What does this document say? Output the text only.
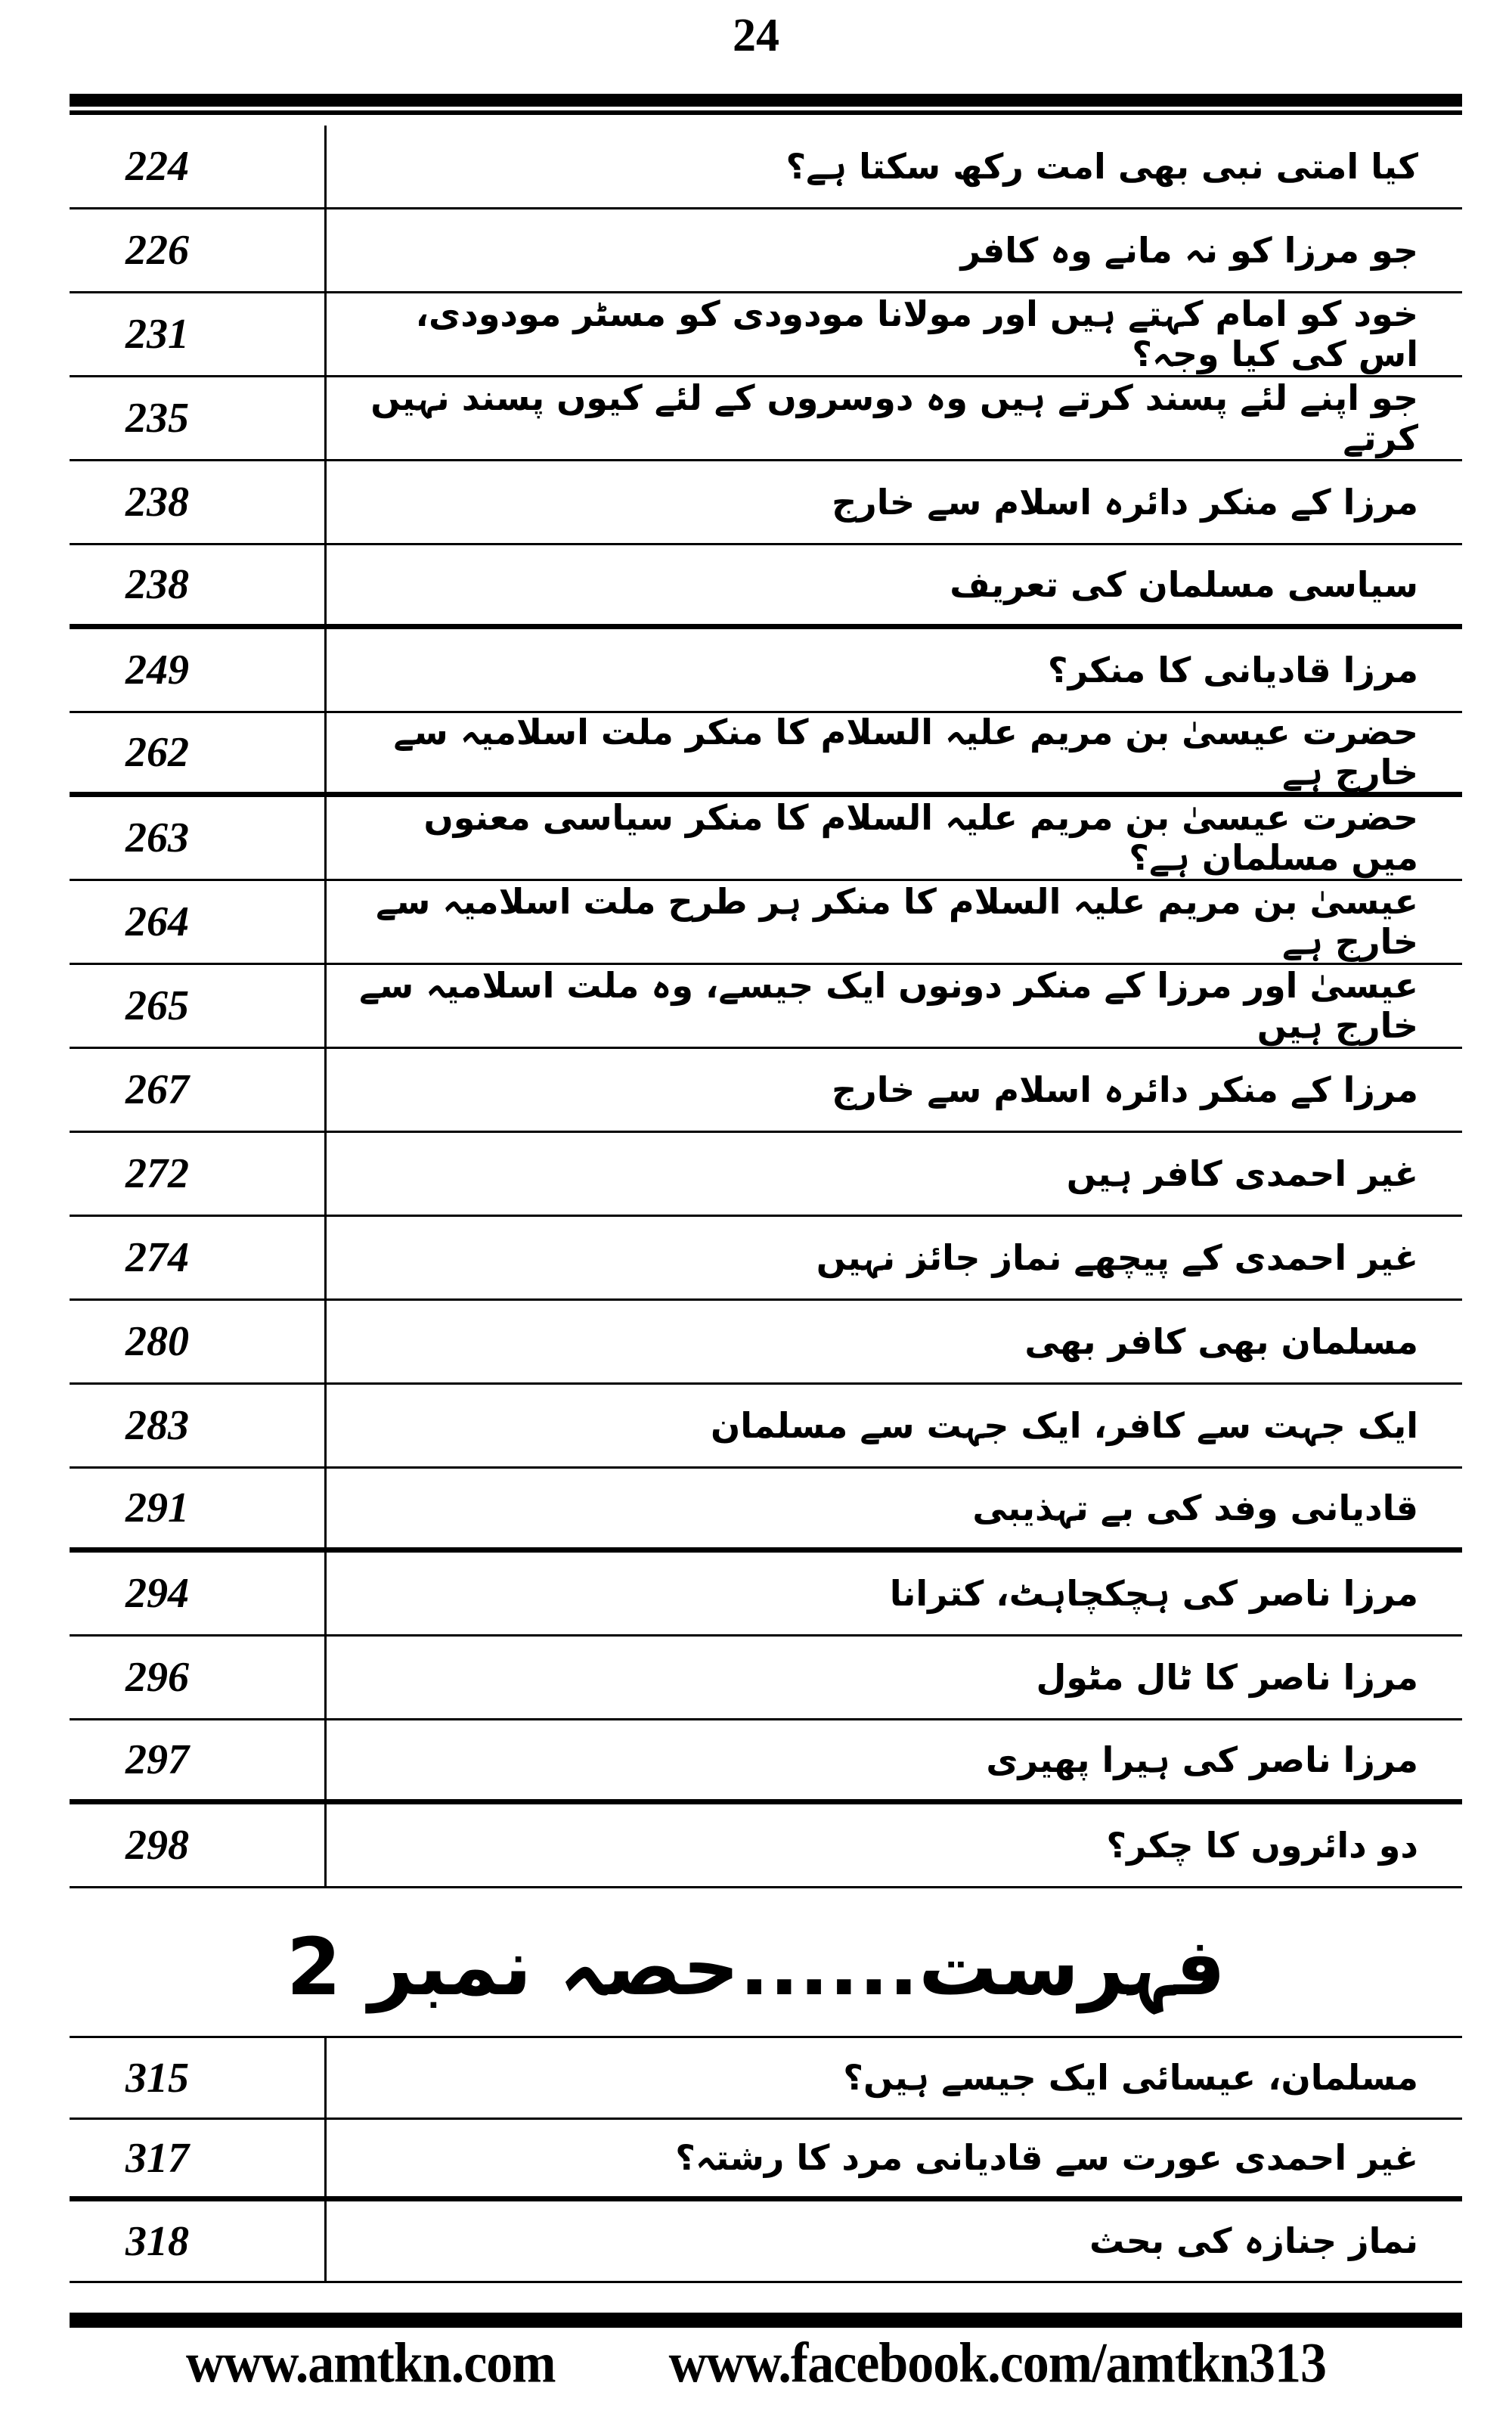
24
224	کیا امتی نبی بھی امت رکھ سکتا ہے؟
226	جو مرزا کو نہ مانے وہ کافر
231	خود کو امام کہتے ہیں اور مولانا مودودی کو مسٹر مودودی، اس کی کیا وجہ؟
235	جو اپنے لئے پسند کرتے ہیں وہ دوسروں کے لئے کیوں پسند نہیں کرتے
238	مرزا کے منکر دائرہ اسلام سے خارج
238	سیاسی مسلمان کی تعریف
249	مرزا قادیانی کا منکر؟
262	حضرت عیسیٰ بن مریم علیہ السلام کا منکر ملت اسلامیہ سے خارج ہے
263	حضرت عیسیٰ بن مریم علیہ السلام کا منکر سیاسی معنوں میں مسلمان ہے؟
264	عیسیٰ بن مریم علیہ السلام کا منکر ہر طرح ملت اسلامیہ سے خارج ہے
265	عیسیٰ اور مرزا کے منکر دونوں ایک جیسے، وہ ملت اسلامیہ سے خارج ہیں
267	مرزا کے منکر دائرہ اسلام سے خارج
272	غیر احمدی کافر ہیں
274	غیر احمدی کے پیچھے نماز جائز نہیں
280	مسلمان بھی کافر بھی
283	ایک جہت سے کافر، ایک جہت سے مسلمان
291	قادیانی وفد کی بے تہذیبی
294	مرزا ناصر کی ہچکچاہٹ، کترانا
296	مرزا ناصر کا ٹال مٹول
297	مرزا ناصر کی ہیرا پھیری
298	دو دائروں کا چکر؟
فہرست......حصہ نمبر 2
315	مسلمان، عیسائی ایک جیسے ہیں؟
317	غیر احمدی عورت سے قادیانی مرد کا رشتہ؟
318	نماز جنازہ کی بحث
www.amtkn.com www.facebook.com/amtkn313
